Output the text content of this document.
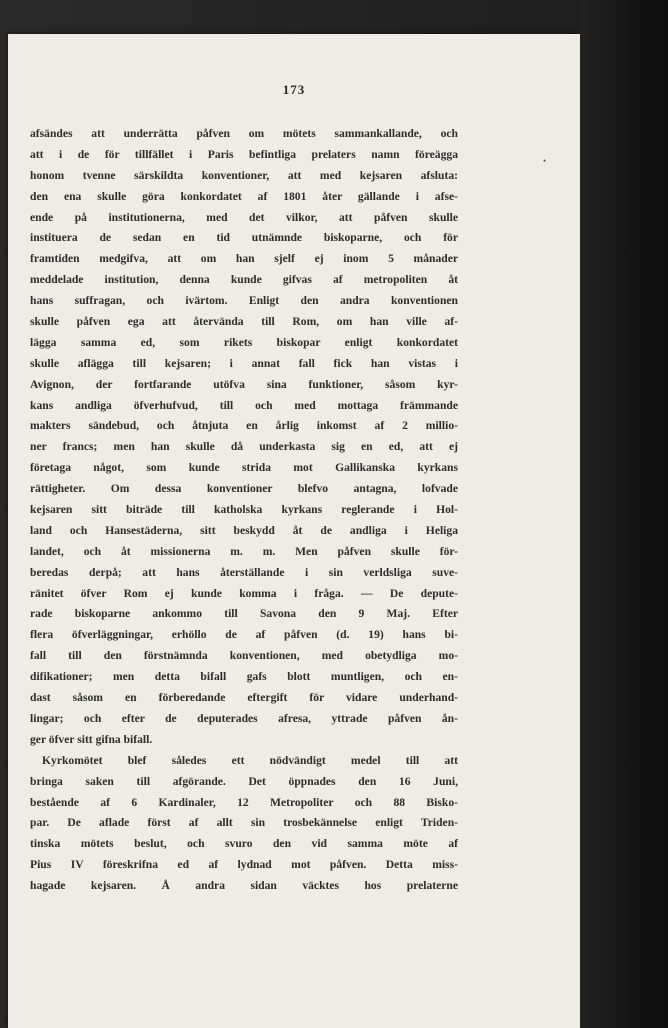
173
•
afsändes att underrätta påfven om mötets sammankallande, och
att i de för tillfället i Paris befintliga prelaters namn föreägga
honom tvenne särskildta konventioner, att med kejsaren afsluta:
den ena skulle göra konkordatet af 1801 åter gällande i afse-
ende på institutionerna, med det vilkor, att påfven skulle
instituera de sedan en tid utnämnde biskoparne, och för
framtiden medgifva, att om han sjelf ej inom 5 månader
meddelade institution, denna kunde gifvas af metropoliten åt
hans suffragan, och ivärtom. Enligt den andra konventionen
skulle påfven ega att återvända till Rom, om han ville af-
lägga samma ed, som rikets biskopar enligt konkordatet
skulle aflägga till kejsaren; i annat fall fick han vistas i
Avignon, der fortfarande utöfva sina funktioner, såsom kyr-
kans andliga öfverhufvud, till och med mottaga främmande
makters sändebud, och åtnjuta en årlig inkomst af 2 millio-
ner francs; men han skulle då underkasta sig en ed, att ej
företaga något, som kunde strida mot Gallikanska kyrkans
rättigheter. Om dessa konventioner blefvo antagna, lofvade
kejsaren sitt biträde till katholska kyrkans reglerande i Hol-
land och Hansestäderna, sitt beskydd åt de andliga i Heliga
landet, och åt missionerna m. m. Men påfven skulle för-
beredas derpå; att hans återställande i sin verldsliga suve-
ränitet öfver Rom ej kunde komma i fråga. — De depute-
rade biskoparne ankommo till Savona den 9 Maj. Efter
flera öfverläggningar, erhöllo de af påfven (d. 19) hans bi-
fall till den förstnämnda konventionen, med obetydliga mo-
difikationer; men detta bifall gafs blott muntligen, och en-
dast såsom en förberedande eftergift för vidare underhand-
lingar; och efter de deputerades afresa, yttrade påfven ån-
ger öfver sitt gifna bifall.
Kyrkomötet blef således ett nödvändigt medel till att
bringa saken till afgörande. Det öppnades den 16 Juni,
bestående af 6 Kardinaler, 12 Metropoliter och 88 Bisko-
par. De aflade först af allt sin trosbekännelse enligt Triden-
tinska mötets beslut, och svuro den vid samma möte af
Pius IV föreskrifna ed af lydnad mot påfven. Detta miss-
hagade kejsaren. Å andra sidan väcktes hos prelaterne
